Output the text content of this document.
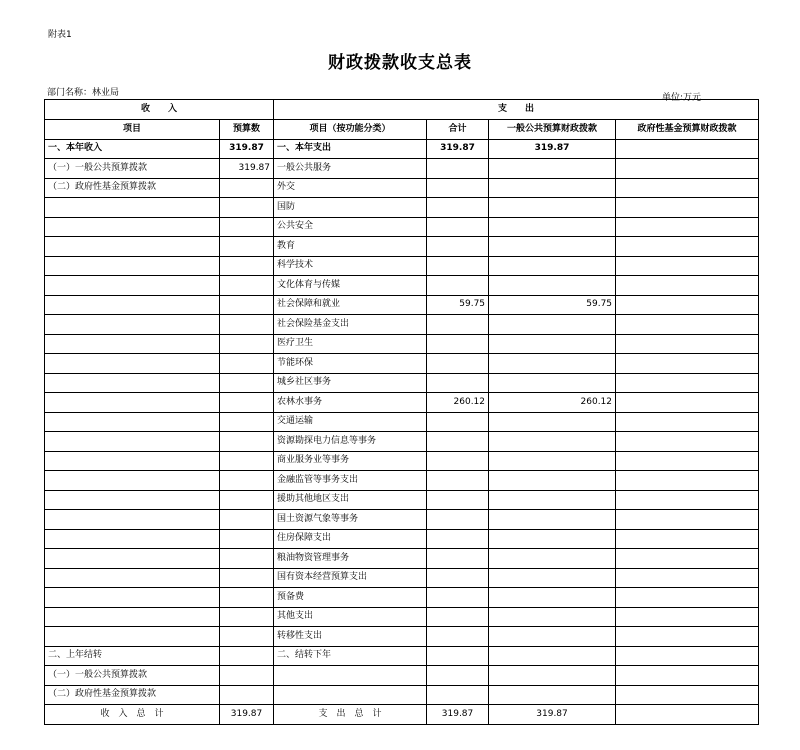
附表1
财政拨款收支总表
部门名称：林业局	单位:万元
收　　入		支　　出			
项目	预算数	项目（按功能分类）	合计	一般公共预算财政拨款	政府性基金预算财政拨款
一、本年收入	319.87	一、本年支出	319.87	319.87	
（一）一般公共预算拨款	319.87	一般公共服务			
（二）政府性基金预算拨款		外交			
		国防			
		公共安全			
		教育			
		科学技术			
		文化体育与传媒			
		社会保障和就业	59.75	59.75	
		社会保险基金支出			
		医疗卫生			
		节能环保			
		城乡社区事务			
		农林水事务	260.12	260.12	
		交通运输			
		资源勘探电力信息等事务			
		商业服务业等事务			
		金融监管等事务支出			
		援助其他地区支出			
		国土资源气象等事务			
		住房保障支出			
		粮油物资管理事务			
		国有资本经营预算支出			
		预备费			
		其他支出			
		转移性支出			
二、上年结转		二、结转下年			
（一）一般公共预算拨款					
（二）政府性基金预算拨款					
收　入　总　计	319.87	支　出　总　计	319.87	319.87	
